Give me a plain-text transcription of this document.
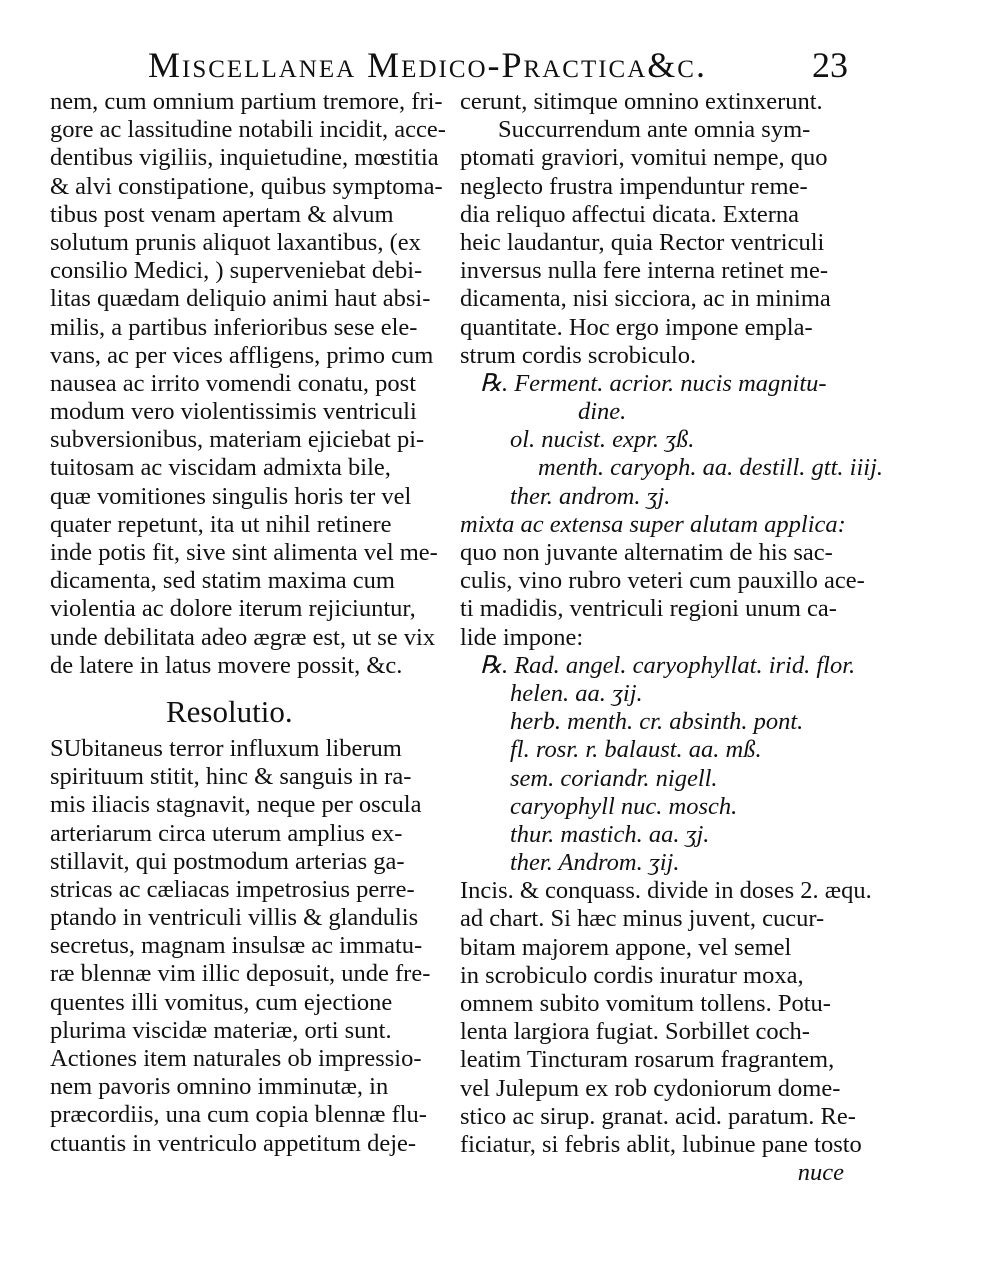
Miscellanea Medico-Practica&c.	23
nem, cum omnium partium tremore, fri-
gore ac lassitudine notabili incidit, acce-
dentibus vigiliis, inquietudine, mœstitia
& alvi constipatione, quibus symptoma-
tibus post venam apertam & alvum
solutum prunis aliquot laxantibus, (ex
consilio Medici, ) superveniebat debi-
litas quædam deliquio animi haut absi-
milis, a partibus inferioribus sese ele-
vans, ac per vices affligens, primo cum
nausea ac irrito vomendi conatu, post
modum vero violentissimis ventriculi
subversionibus, materiam ejiciebat pi-
tuitosam ac viscidam admixta bile,
quæ vomitiones singulis horis ter vel
quater repetunt, ita ut nihil retinere
inde potis fit, sive sint alimenta vel me-
dicamenta, sed statim maxima cum
violentia ac dolore iterum rejiciuntur,
unde debilitata adeo ægræ est, ut se vix
de latere in latus movere possit, &c.
Resolutio.
SUbitaneus terror influxum liberum
spirituum stitit, hinc & sanguis in ra-
mis iliacis stagnavit, neque per oscula
arteriarum circa uterum amplius ex-
stillavit, qui postmodum arterias ga-
stricas ac cæliacas impetrosius perre-
ptando in ventriculi villis & glandulis
secretus, magnam insulsæ ac immatu-
ræ blennæ vim illic deposuit, unde fre-
quentes illi vomitus, cum ejectione
plurima viscidæ materiæ, orti sunt.
Actiones item naturales ob impressio-
nem pavoris omnino imminutæ, in
præcordiis, una cum copia blennæ flu-
ctuantis in ventriculo appetitum deje-
cerunt, sitimque omnino extinxerunt.
Succurrendum ante omnia sym-
ptomati graviori, vomitui nempe, quo
neglecto frustra impenduntur reme-
dia reliquo affectui dicata. Externa
heic laudantur, quia Rector ventriculi
inversus nulla fere interna retinet me-
dicamenta, nisi sicciora, ac in minima
quantitate. Hoc ergo impone empla-
strum cordis scrobiculo.
℞. Ferment. acrior. nucis magnitu-
dine.
ol. nucist. expr. ʒß.
menth. caryoph. aa. destill. gtt. iiij.
ther. androm. ʒj.
mixta ac extensa super alutam applica:
quo non juvante alternatim de his sac-
culis, vino rubro veteri cum pauxillo ace-
ti madidis, ventriculi regioni unum ca-
lide impone:
℞. Rad. angel. caryophyllat. irid. flor.
helen. aa. ʒij.
herb. menth. cr. absinth. pont.
fl. rosr. r. balaust. aa. mß.
sem. coriandr. nigell.
caryophyll nuc. mosch.
thur. mastich. aa. ʒj.
ther. Androm. ʒij.
Incis. & conquass. divide in doses 2. æqu.
ad chart. Si hæc minus juvent, cucur-
bitam majorem appone, vel semel
in scrobiculo cordis inuratur moxa,
omnem subito vomitum tollens. Potu-
lenta largiora fugiat. Sorbillet coch-
leatim Tincturam rosarum fragrantem,
vel Julepum ex rob cydoniorum dome-
stico ac sirup. granat. acid. paratum. Re-
ficiatur, si febris ablit, lubinue pane tosto
nuce
